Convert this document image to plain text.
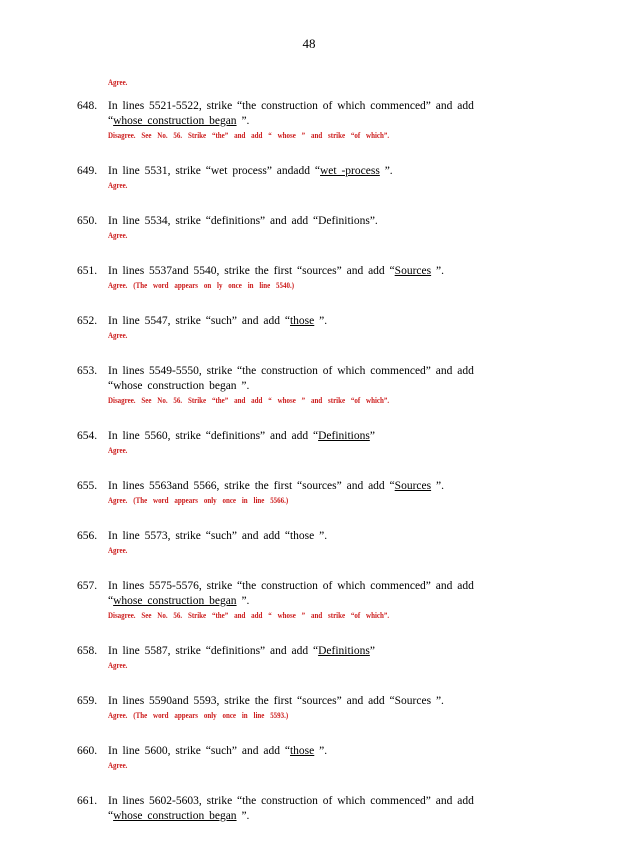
48
Agree.
648. In lines 5521-5522, strike “the construction of which commenced” and add “whose construction began ”.
Disagree. See No. 56. Strike “the” and add “ whose ” and strike “of which”.
649. In line 5531, strike “wet process” andadd “wet -process ”.
Agree.
650. In line 5534, strike “definitions” and add “Definitions”.
Agree.
651. In lines 5537and 5540, strike the first “sources” and add “Sources ”.
Agree. (The word appears on ly once in line 5540.)
652. In line 5547, strike “such” and add “those ”.
Agree.
653. In lines 5549-5550, strike “the construction of which commenced” and add “whose construction began ”.
Disagree. See No. 56. Strike “the” and add “ whose ” and strike “of which”.
654. In line 5560, strike “definitions” and add “Definitions”
Agree.
655. In lines 5563and 5566, strike the first “sources” and add “Sources ”.
Agree. (The word appears only once in line 5566.)
656. In line 5573, strike “such” and add “those ”.
Agree.
657. In lines 5575-5576, strike “the construction of which commenced” and add “whose construction began ”.
Disagree. See No. 56. Strike “the” and add “ whose ” and strike “of which”.
658. In line 5587, strike “definitions” and add “Definitions”
Agree.
659. In lines 5590and 5593, strike the first “sources” and add “Sources ”.
Agree. (The word appears only once in line 5593.)
660. In line 5600, strike “such” and add “those ”.
Agree.
661. In lines 5602-5603, strike “the construction of which commenced” and add “whose construction began ”.
